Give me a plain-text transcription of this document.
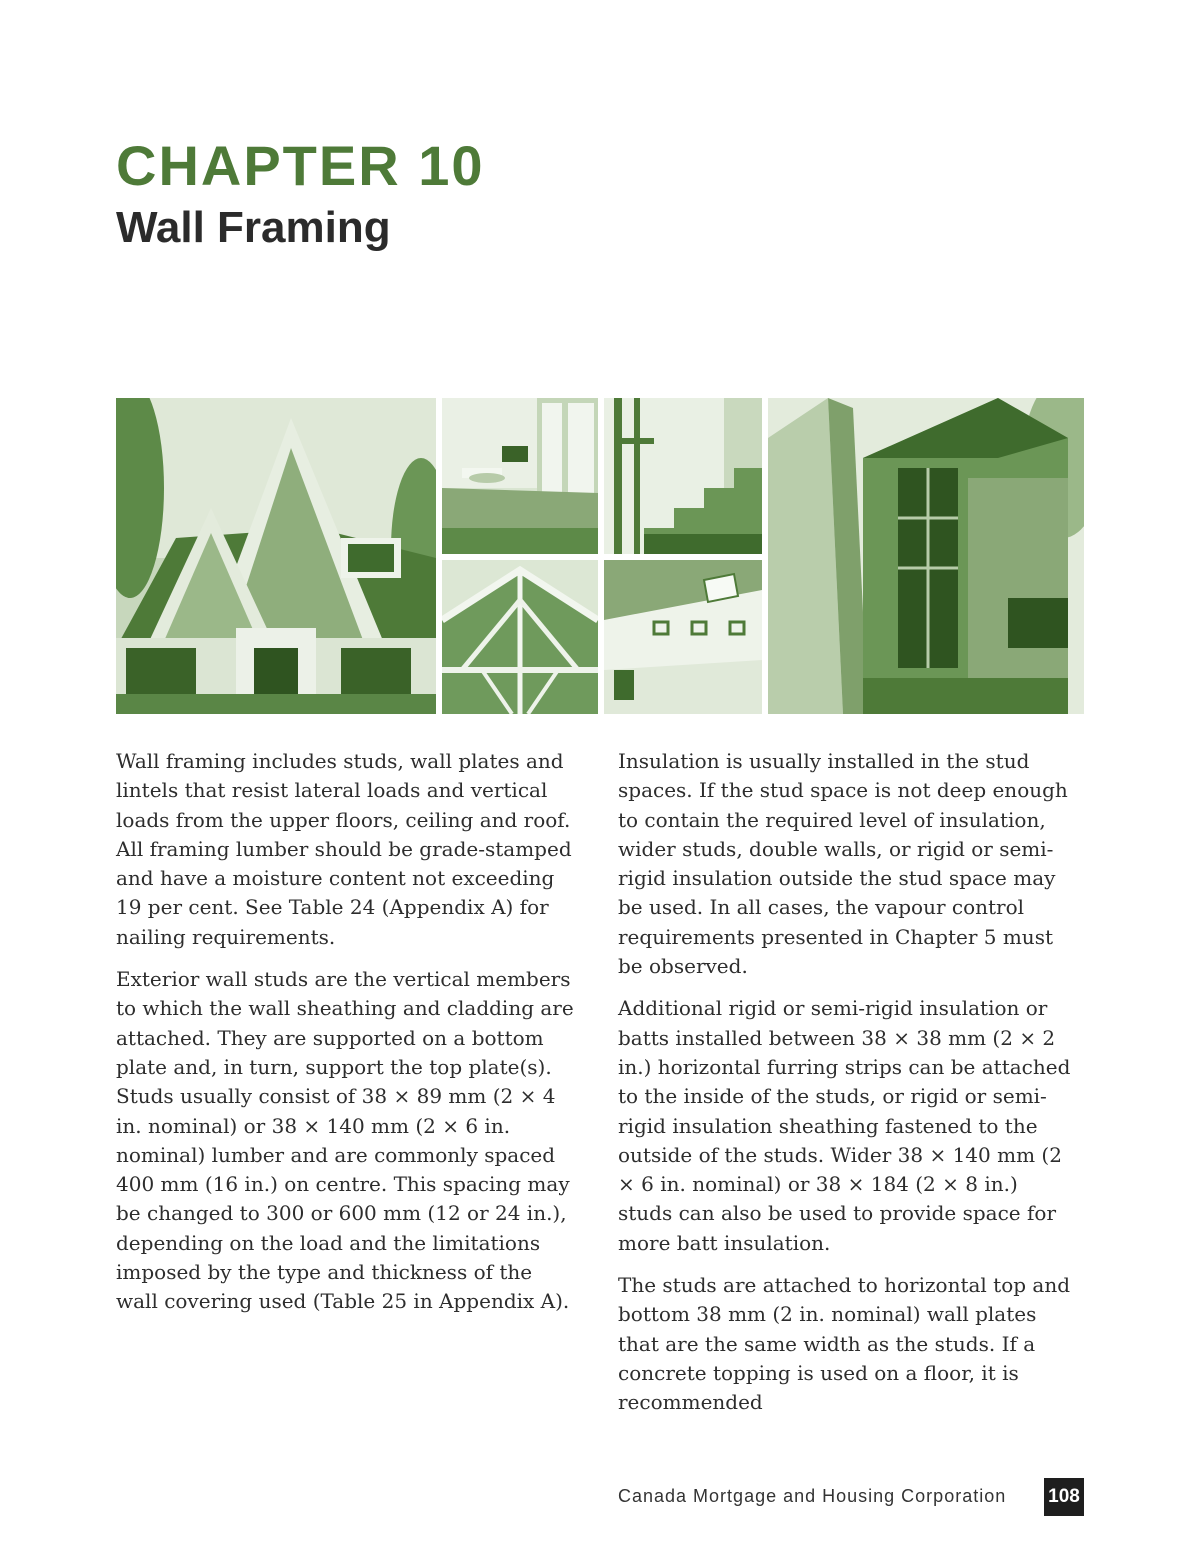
CHAPTER 10
Wall Framing

Wall framing includes studs, wall plates and lintels that resist lateral loads and vertical loads from the upper floors, ceiling and roof. All framing lumber should be grade-stamped and have a moisture content not exceeding 19 per cent. See Table 24 (Appendix A) for nailing requirements.

Exterior wall studs are the vertical members to which the wall sheathing and cladding are attached. They are supported on a bottom plate and, in turn, support the top plate(s). Studs usually consist of 38 × 89 mm (2 × 4 in. nominal) or 38 × 140 mm (2 × 6 in. nominal) lumber and are commonly spaced 400 mm (16 in.) on centre. This spacing may be changed to 300 or 600 mm (12 or 24 in.), depending on the load and the limitations imposed by the type and thickness of the wall covering used (Table 25 in Appendix A).

Insulation is usually installed in the stud spaces. If the stud space is not deep enough to contain the required level of insulation, wider studs, double walls, or rigid or semi-rigid insulation outside the stud space may be used. In all cases, the vapour control requirements presented in Chapter 5 must be observed.

Additional rigid or semi-rigid insulation or batts installed between 38 × 38 mm (2 × 2 in.) horizontal furring strips can be attached to the inside of the studs, or rigid or semi-rigid insulation sheathing fastened to the outside of the studs. Wider 38 × 140 mm (2 × 6 in. nominal) or 38 × 184 (2 × 8 in.) studs can also be used to provide space for more batt insulation.

The studs are attached to horizontal top and bottom 38 mm (2 in. nominal) wall plates that are the same width as the studs. If a concrete topping is used on a floor, it is recommended

Canada Mortgage and Housing Corporation 108
